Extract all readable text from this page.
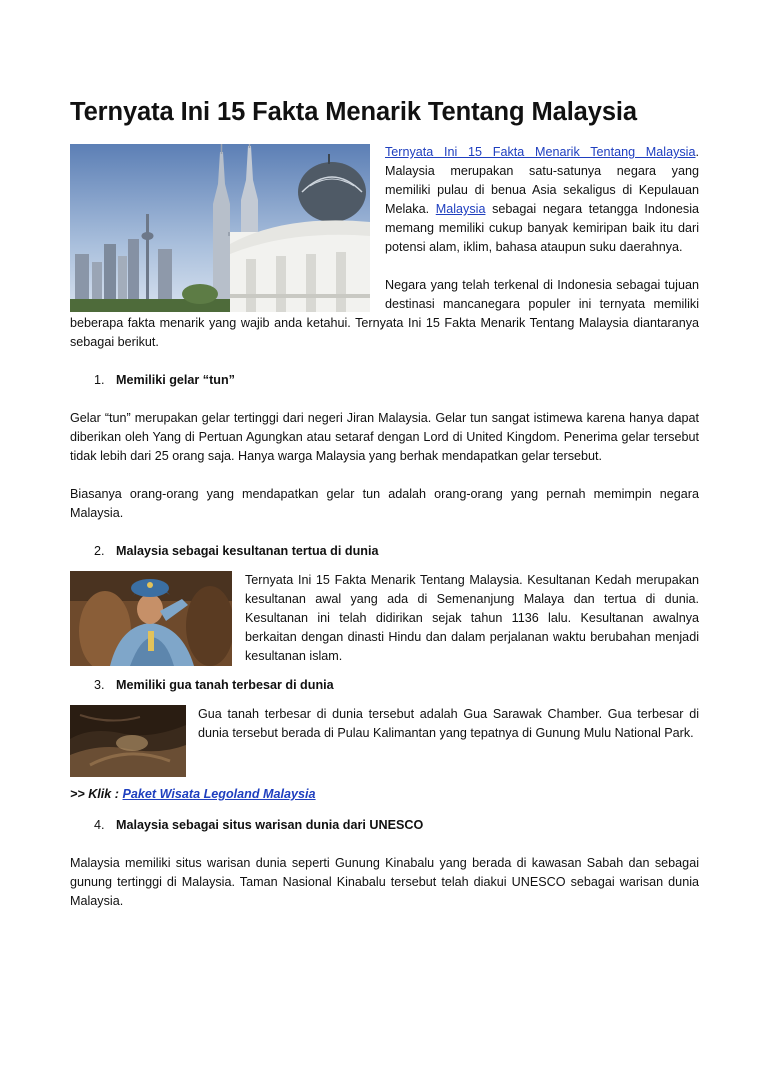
Ternyata Ini 15 Fakta Menarik Tentang Malaysia

Ternyata Ini 15 Fakta Menarik Tentang Malaysia. Malaysia merupakan satu-satunya negara yang memiliki pulau di benua Asia sekaligus di Kepulauan Melaka. Malaysia sebagai negara tetangga Indonesia memang memiliki cukup banyak kemiripan baik itu dari potensi alam, iklim, bahasa ataupun suku daerahnya.

Negara yang telah terkenal di Indonesia sebagai tujuan destinasi mancanegara populer ini ternyata memiliki beberapa fakta menarik yang wajib anda ketahui. Ternyata Ini 15 Fakta Menarik Tentang Malaysia diantaranya sebagai berikut.

1. Memiliki gelar “tun”

Gelar “tun” merupakan gelar tertinggi dari negeri Jiran Malaysia. Gelar tun sangat istimewa karena hanya dapat diberikan oleh Yang di Pertuan Agungkan atau setaraf dengan Lord di United Kingdom. Penerima gelar tersebut tidak lebih dari 25 orang saja. Hanya warga Malaysia yang berhak mendapatkan gelar tersebut.

Biasanya orang-orang yang mendapatkan gelar tun adalah orang-orang yang pernah memimpin negara Malaysia.

2. Malaysia sebagai kesultanan tertua di dunia

Ternyata Ini 15 Fakta Menarik Tentang Malaysia. Kesultanan Kedah merupakan kesultanan awal yang ada di Semenanjung Malaya dan tertua di dunia. Kesultanan ini telah didirikan sejak tahun 1136 lalu. Kesultanan awalnya berkaitan dengan dinasti Hindu dan dalam perjalanan waktu berubahan menjadi kesultanan islam.

3. Memiliki gua tanah terbesar di dunia

Gua tanah terbesar di dunia tersebut adalah Gua Sarawak Chamber. Gua terbesar di dunia tersebut berada di Pulau Kalimantan yang tepatnya di Gunung Mulu National Park.

>> Klik : Paket Wisata Legoland Malaysia

4. Malaysia sebagai situs warisan dunia dari UNESCO

Malaysia memiliki situs warisan dunia seperti Gunung Kinabalu yang berada di kawasan Sabah dan sebagai gunung tertinggi di Malaysia. Taman Nasional Kinabalu tersebut telah diakui UNESCO sebagai warisan dunia Malaysia.
